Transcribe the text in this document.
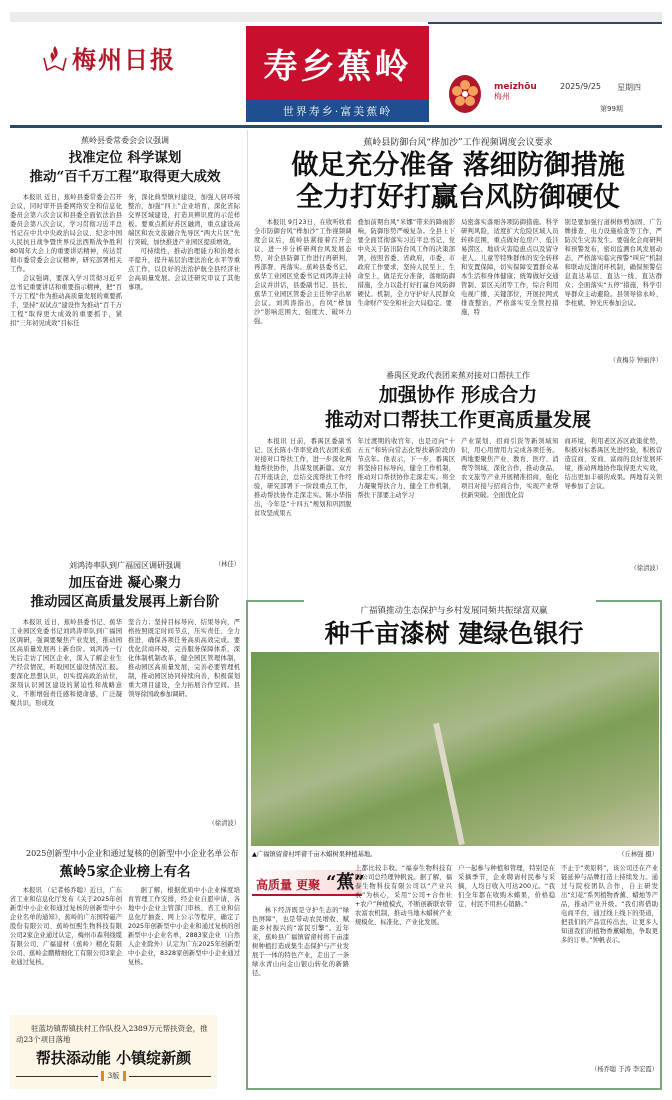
梅州日报	寿乡蕉岭
世界寿乡·富美蕉岭
meizhōu
梅州
2025/9/25 星期四
第99期
蕉岭县委常委会会议强调
找准定位 科学谋划
推动“百千万工程”取得更大成效

本报讯 近日，蕉岭县委常委会召开会议，同时审开县委网络安全和信息化委员会第六次会议和县委全面依法治县委员会第八次会议，学习贯彻习近平总书记在中共中央政治局会议、纪念中国人民抗日战争暨世界反法西斯战争胜利80周年大会上的重要讲话精神，传达贯彻市委常委会会议精神，研究部署相关工作。

会议强调，要深入学习贯彻习近平总书记重要讲话和重要指示精神，把“百千万工程”作为推动高质量发展的重要抓手，坚持“双试点”建设作为推动“百千万工程”取得更大成效的重要抓手，紧扣“三年初见成效”目标任

务，深化典型镇村建设，加强人居环境整治，加强“四上”企业培育，深化省际交界区域建设，打造具辨识度的示范样板。要重点抓好苏区融湾，重点建设高端区和农文旅融合先导区“两大片区”先行突破，加快推进产业园区提质增效。

可持续性，推动治理能力和治理水平提升，提升基层治理法治化水平等重点工作，以良好的法治护航全县经济社会高质量发展。会议还研究审议了其他事项。

（林佳）
蕉岭县防御台风“桦加沙”工作视频调度会议要求
做足充分准备 落细防御措施
全力打好打赢台风防御硬仗
本报讯 9月23日，在收听收看全市防御台风“桦加沙”工作视频调度会议后，蕉岭县紧接着召开会议，进一步分析研判台风发展态势，对全县防御工作进行再研判、再部署、再落实。蕉岭县委书记、蕉华工业园区党委书记刘鸿涛主持会议并讲话，县委副书记、县长、蕉华工业园区管委会主任钟宇出席会议。刘鸿涛指出，台风“桦加沙”影响范围大、强度大、破坏力强。
叠加前期台风“米娜”带来的降雨影响，防御形势严峻复杂。全县上下要全面贯彻落实习近平总书记、党中央关于防汛防台风工作的决策部署，按照省委、省政府，市委、市政府工作要求，坚持人民至上、生命至上，做足充分准备，落细防御措施，全力以赴打好打赢台风防御硬仗。机制，全力守护好人民群众生命财产安全和社会大局稳定。要
局密落实落细各项防御措施。科学研判风险，适度扩大危险区域人员转移范围，重点做好危房户、低洼易涝区、地质灾害隐患点以及留守老人、儿童等特殊群体的安全转移和安置保障，切实保障安置群众基本生活和身体健康；统筹做好交通管制、景区关闭等工作，综合利用电视广播、关键部位，开展拉网式排查整治，严格落实安全管控措施，特
别是要加强行道树修剪加固、广告牌排查、电力设施检查等工作，严防次生灾害发生。要强化会商研判和预警发布，密切监测台风发展动态，严格落实临灾预警“叫应”机制和联动反馈闭环机制，确保预警信息直达基层、直达一线、直达群众；全面落实“五停”措施，科学引导群众主动避险。县领导徐永岭、李柱斌、钟光庆参加会议。
（黄梅芬 钟丽萍）
番禺区党政代表团来蕉对接对口帮扶工作
加强协作 形成合力
推动对口帮扶工作更高质量发展
本报讯 日前，番禺区委副书记、区长陈小华率党政代表团来蕉对接对口帮扶工作，进一步深化两地帮扶协作，共谋发展新篇。双方召开座谈会，总结交流帮扶工作经验，研究部署下一阶段重点工作，推动帮扶协作走深走实。陈小华指出，今年是“十四五”规划和巩固脱贫攻坚成果五
年过渡期的收官年，也是迈向“十五五”和转向常态化帮扶新阶段的节点年。他表示，下一步，番禺区将坚持目标导向，健全工作机制，推动对口帮扶协作走深走实。将全力凝聚帮扶合力，健全工作机制，帮扶干部要主动学习
产业谋划、招商引资等新领域知识，用心用情用力完成各项任务。两地要聚焦产业、教育、医疗、消费等领域，深化合作，推动食品、农文旅等产业开展精准招商，强化项目对接与招商合作，实现产业帮扶新突破。全面优化营
商环境，利用老区苏区政策优势，积极对标番禺区先进经验，积极营造宜商、安商、富商的良好发展环境，推动两地协作取得更大实效，结出更加丰硕的成果。两地有关领导参加了会议。
（徐清波）
刘鸿涛率队到广福园区调研强调
加压奋进 凝心聚力
推动园区高质量发展再上新台阶
本报讯 近日，蕉岭县委书记、蕉华工业园区党委书记刘鸿涛率队到广福园区调研，强调要聚焦产业发展，推动园区高质量发展再上新台阶。刘鸿涛一行先后走访了园区企业，深入了解企业生产经营情况，听取园区建设情况汇报。要深化思想认识，切实提高政治站位，深刻认识园区建设的紧迫性和战略意义，不断增强责任感和使命感，广泛凝聚共识，形成攻
坚合力；坚持目标导向、结果导向，严格按照既定时间节点，压实责任、全力推进，确保各项任务高质高效完成。要优化营商环境，完善服务保障体系，深化体制机制改革，健全园区管理体制，推动园区高质量发展，完善必要管理机制，推动园区协同持续向善，积极谋划重大项目建设，全力拓展合作空间。县领导徐国政参加调研。
（徐清波）
2025创新型中小企业和通过复核的创新型中小企业名单公布
蕉岭5家企业榜上有名
本报讯 （记者杨乔聪）近日，广东省工业和信息化厅发布《关于2025年创新型中小企业和通过复核的创新型中小企业名单的通知》，蕉岭的广东国特磁产股份有限公司、蕉岭恒熙生物科技有限公司2家企业通过认定，梅州市森利线缆有限公司、广福建材（蕉岭）精化有限公司、蕉岭金鹏精细化工有限公司3家企业通过复核。
据了解，根据优质中小企业梯度培育管理工作安排，经企业自愿申请、各地中小企业主管部门审核、省工业和信息化厅抽查、网上公示等程序，确定了2025年创新型中小企业和通过复核的创新型中小企业名单，2883家企业（自然人企业除外）认定为广东2025年创新型中小企业，8328家创新型中小企业通过复核。
驻蓝坊镇帮镇扶村工作队投入2389万元帮扶资金，推动23个项目落地
帮扶添动能 小镇绽新颜
3版
广福镇推动生态保护与乡村发展同频共振绿富双赢
种千亩漆树 建绿色银行
▲广福镇留畲村坪畲千亩木蜡树果种植基地。	（丘林强 摄）
高质量 更聚 “蕉”
林下经济既是守护生态的“绿色屏障”，也是带动农民增收、赋能乡村振兴的“富民引擎”。近年来，蕉岭县广福镇留畲村将千亩漆树种植打造成集生态保护与产业发展于一体的特色产业，走出了一条绿水青山向金山银山转化的新路径。
上都比较丰收。“福泰生物科技有限公司总经理钟帆说。据了解，福泰生物科技有限公司以“产业兴农”为核心，采用“公司+合作社+农户”种植模式，不断创新联农带农富农机制，推动当地木蜡树产业规模化、标准化、产业化发展。
户一起参与种植和管理，特别是在采摘季节，企业聘请村民参与采摘，人均日收入可达200元。“我们全年都在收购木蜡果，价格稳定，村民不用担心销路。”
不止于“卖原料”，该公司还在产业链延伸与品牌打造上持续发力。通过与院校团队合作，自主研发出“幻花”系列植物香薰、蜡烛等产品，推动产业升级。“我们将借助电商平台，通过线上线下的渠道，把我们的产品宣传出去，让更多人知道我们的植物香薰蜡烛，争取更多的订单。”钟帆表示。
（杨乔聪 于涛 李宏霞）
